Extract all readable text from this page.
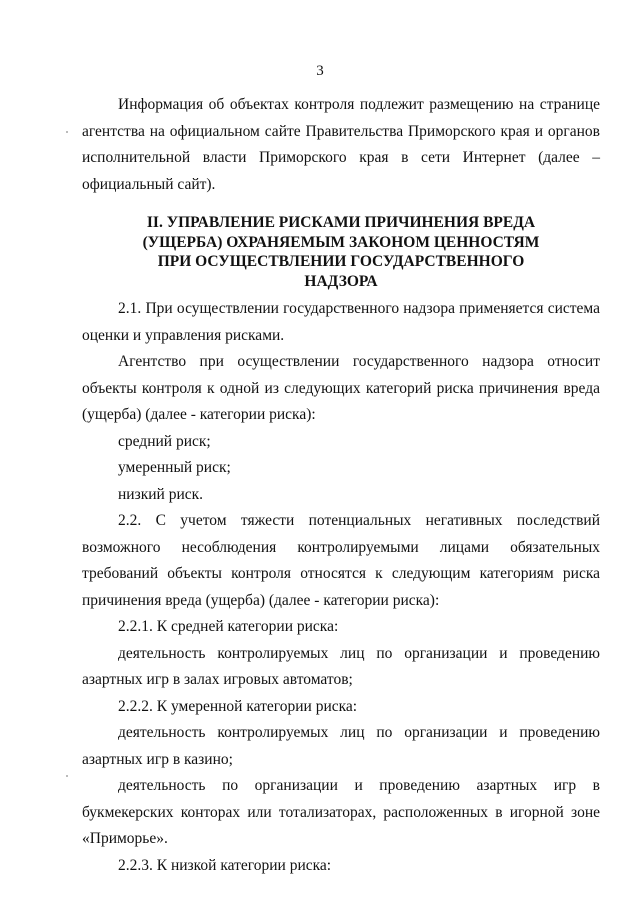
3

Информация об объектах контроля подлежит размещению на странице агентства на официальном сайте Правительства Приморского края и органов исполнительной власти Приморского края в сети Интернет (далее – официальный сайт).

II. УПРАВЛЕНИЕ РИСКАМИ ПРИЧИНЕНИЯ ВРЕДА
(УЩЕРБА) ОХРАНЯЕМЫМ ЗАКОНОМ ЦЕННОСТЯМ
ПРИ ОСУЩЕСТВЛЕНИИ ГОСУДАРСТВЕННОГО
НАДЗОРА

2.1. При осуществлении государственного надзора применяется система оценки и управления рисками.

Агентство при осуществлении государственного надзора относит объекты контроля к одной из следующих категорий риска причинения вреда (ущерба) (далее - категории риска):

средний риск;

умеренный риск;

низкий риск.

2.2. С учетом тяжести потенциальных негативных последствий возможного несоблюдения контролируемыми лицами обязательных требований объекты контроля относятся к следующим категориям риска причинения вреда (ущерба) (далее - категории риска):

2.2.1. К средней категории риска:

деятельность контролируемых лиц по организации и проведению азартных игр в залах игровых автоматов;

2.2.2. К умеренной категории риска:

деятельность контролируемых лиц по организации и проведению азартных игр в казино;

деятельность по организации и проведению азартных игр в букмекерских конторах или тотализаторах, расположенных в игорной зоне «Приморье».

2.2.3. К низкой категории риска:
